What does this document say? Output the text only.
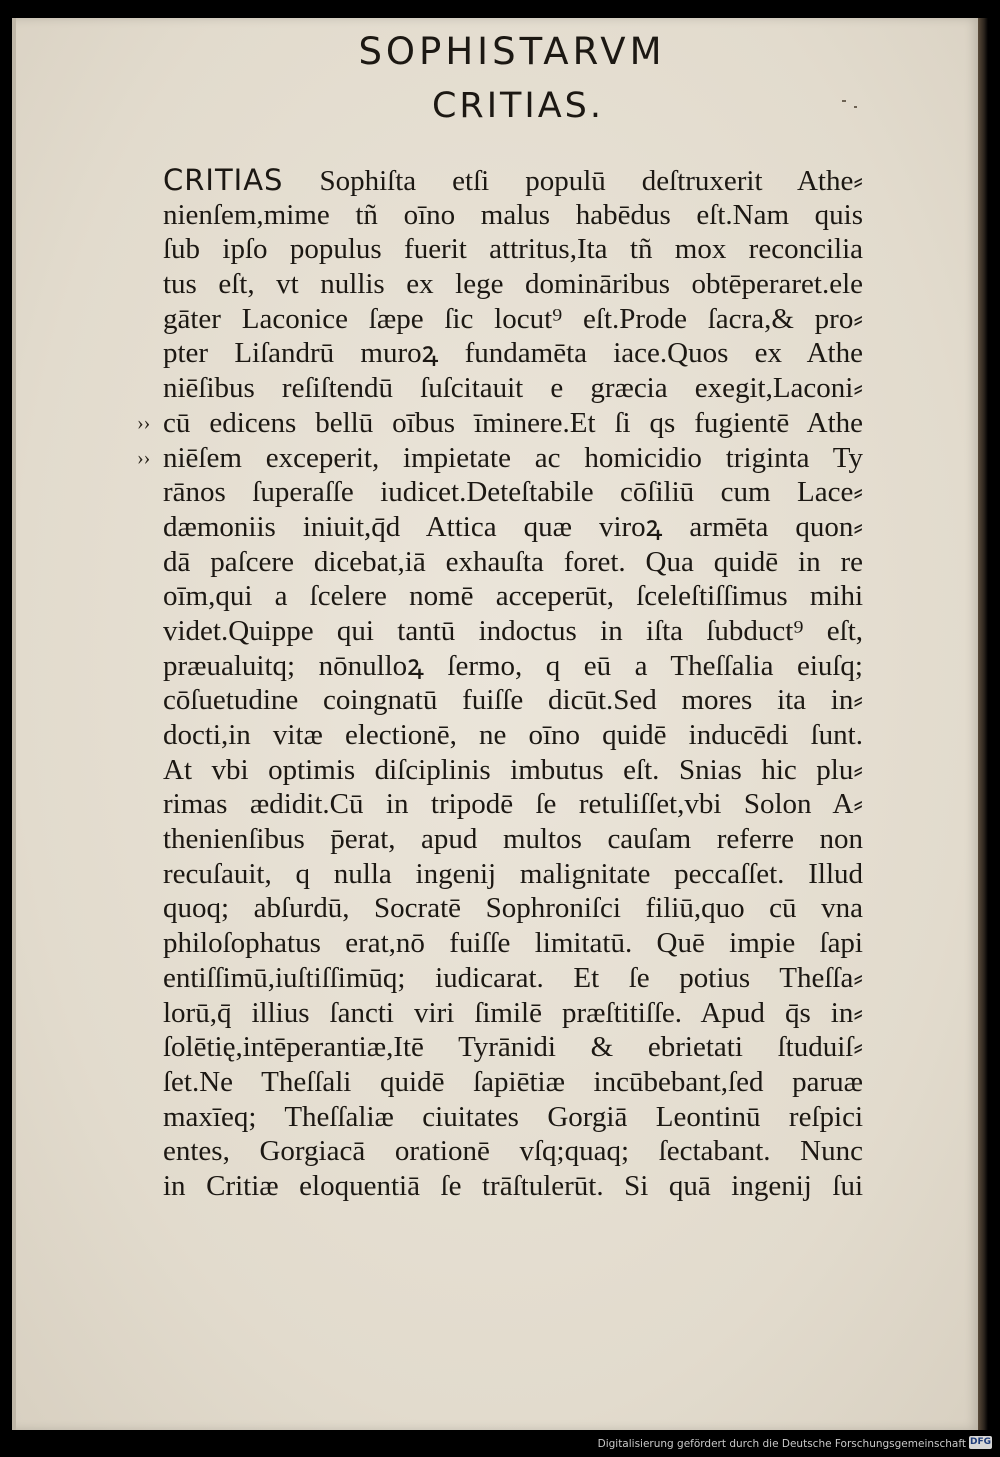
SOPHISTARVM
CRITIAS.
CRITIAS Sophiſta etſi populū deſtruxerit Athe⸗
nienſem,mime tñ oīno malus habēdus eſt.Nam quis
ſub ipſo populus fuerit attritus,Ita tñ mox reconcilia
tus eſt, vt nullis ex lege domināribus obtēperaret.ele
gāter Laconice ſæpe ſic locut⁹ eſt.Prode ſacra,& pro⸗
pter Liſandrū muroꝝ fundamēta iace.Quos ex Athe
niēſibus reſiſtendū ſuſcitauit e græcia exegit,Laconi⸗
›› cū edicens bellū oībus īminere.Et ſi qs fugientē Athe
›› niēſem exceperit, impietate ac homicidio triginta Ty
rānos ſuperaſſe iudicet.Deteſtabile cōſiliū cum Lace⸗
dæmoniis iniuit,q̄d Attica quæ viroꝝ armēta quon⸗
dā paſcere dicebat,iā exhauſta foret. Qua quidē in re
oīm,qui a ſcelere nomē acceperūt, ſceleſtiſſimus mihi
videt.Quippe qui tantū indoctus in iſta ſubduct⁹ eſt,
præualuitq; nōnulloꝝ ſermo, q eū a Theſſalia eiuſq;
cōſuetudine coingnatū fuiſſe dicūt.Sed mores ita in⸗
docti,in vitæ electionē, ne oīno quidē inducēdi ſunt.
At vbi optimis diſciplinis imbutus eſt. Snias hic plu⸗
rimas ædidit.Cū in tripodē ſe retuliſſet,vbi Solon A⸗
thenienſibus p̄erat, apud multos cauſam referre non
recuſauit, q nulla ingenij malignitate peccaſſet. Illud
quoq; abſurdū, Socratē Sophroniſci filiū,quo cū vna
philoſophatus erat,nō fuiſſe limitatū. Quē impie ſapi
entiſſimū,iuſtiſſimūq; iudicarat. Et ſe potius Theſſa⸗
lorū,q̄ illius ſancti viri ſimilē præſtitiſſe. Apud q̄s in⸗
ſolētię,intēperantiæ,Itē Tyrānidi & ebrietati ſtuduiſ⸗
ſet.Ne Theſſali quidē ſapiētiæ incūbebant,ſed paruæ
maxīeq; Theſſaliæ ciuitates Gorgiā Leontinū reſpici
entes, Gorgiacā orationē vſq;quaq; ſectabant. Nunc
in Critiæ eloquentiā ſe trāſtulerūt. Si quā ingenij ſui
Digitalisierung gefördert durch die Deutsche Forschungsgemeinschaft DFG
